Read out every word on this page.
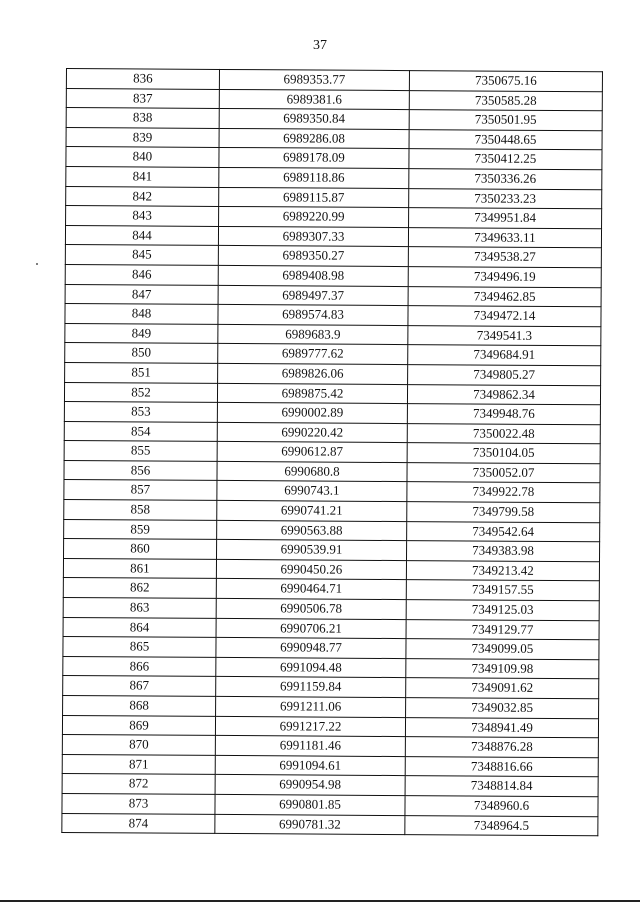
37
836	6989353.77	7350675.16
837	6989381.6	7350585.28
838	6989350.84	7350501.95
839	6989286.08	7350448.65
840	6989178.09	7350412.25
841	6989118.86	7350336.26
842	6989115.87	7350233.23
843	6989220.99	7349951.84
844	6989307.33	7349633.11
845	6989350.27	7349538.27
846	6989408.98	7349496.19
847	6989497.37	7349462.85
848	6989574.83	7349472.14
849	6989683.9	7349541.3
850	6989777.62	7349684.91
851	6989826.06	7349805.27
852	6989875.42	7349862.34
853	6990002.89	7349948.76
854	6990220.42	7350022.48
855	6990612.87	7350104.05
856	6990680.8	7350052.07
857	6990743.1	7349922.78
858	6990741.21	7349799.58
859	6990563.88	7349542.64
860	6990539.91	7349383.98
861	6990450.26	7349213.42
862	6990464.71	7349157.55
863	6990506.78	7349125.03
864	6990706.21	7349129.77
865	6990948.77	7349099.05
866	6991094.48	7349109.98
867	6991159.84	7349091.62
868	6991211.06	7349032.85
869	6991217.22	7348941.49
870	6991181.46	7348876.28
871	6991094.61	7348816.66
872	6990954.98	7348814.84
873	6990801.85	7348960.6
874	6990781.32	7348964.5
